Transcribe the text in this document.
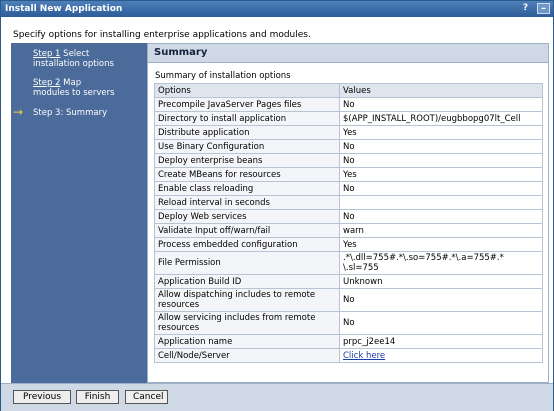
Install New Application	?	–
Specify options for installing enterprise applications and modules.
Step 1 Select
installation options
Step 2 Map
modules to servers
→ Step 3: Summary
Summary
Summary of installation options
Options	Values
Precompile JavaServer Pages files	No
Directory to install application	$(APP_INSTALL_ROOT)/eugbbopg07lt_Cell
Distribute application	Yes
Use Binary Configuration	No
Deploy enterprise beans	No
Create MBeans for resources	Yes
Enable class reloading	No
Reload interval in seconds	
Deploy Web services	No
Validate Input off/warn/fail	warn
Process embedded configuration	Yes
File Permission	.*\.dll=755#.*\.so=755#.*\.a=755#.*
\.sl=755
Application Build ID	Unknown
Allow dispatching includes to remote
resources	No
Allow servicing includes from remote
resources	No
Application name	prpc_j2ee14
Cell/Node/Server	Click here
Previous	Finish	Cancel
